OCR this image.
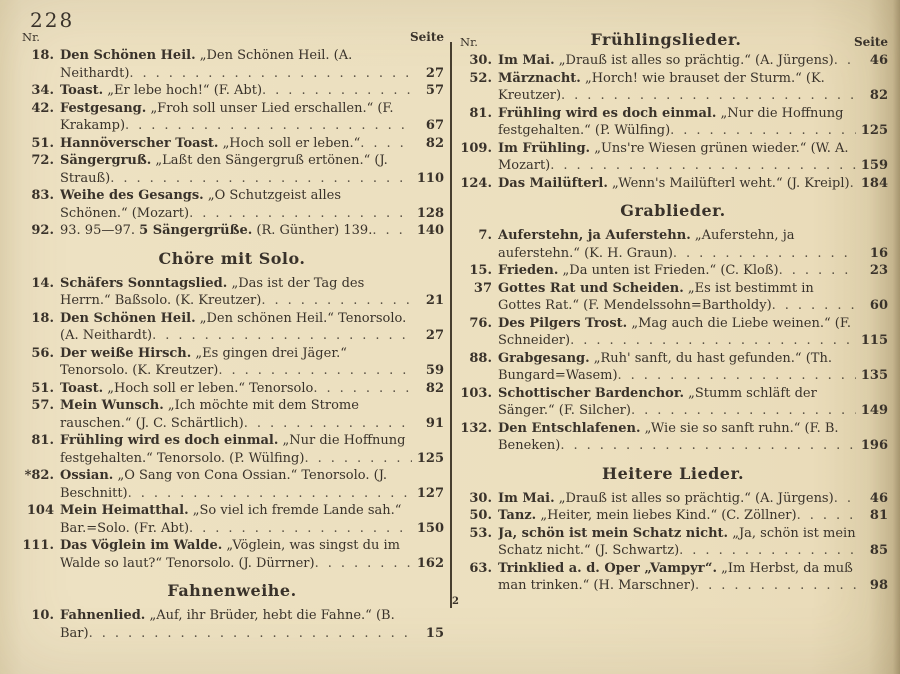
228
Nr.	Seite
18. Den Schönen Heil. „Den Schönen Heil. (A. Neithardt)	27
34. Toast. „Er lebe hoch!“ (F. Abt)	57
42. Festgesang. „Froh soll unser Lied erschallen.“ (F. Krakamp)	67
51. Hannöverscher Toast. „Hoch soll er leben.“	82
72. Sängergruß. „Laßt den Sängergruß ertönen.“ (J. Strauß)	110
83. Weihe des Gesangs. „O Schutzgeist alles Schönen.“ (Mozart)	128
92. 93. 95—97. 5 Sängergrüße. (R. Günther) 139.	140
Chöre mit Solo.
14. Schäfers Sonntagslied. „Das ist der Tag des Herrn.“ Baßsolo. (K. Kreutzer)	21
18. Den Schönen Heil. „Den schönen Heil.“ Tenorsolo. (A. Neithardt)	27
56. Der weiße Hirsch. „Es gingen drei Jäger.“ Tenorsolo. (K. Kreutzer)	59
51. Toast. „Hoch soll er leben.“ Tenorsolo	82
57. Mein Wunsch. „Ich möchte mit dem Strome rauschen.“ (J. C. Schärtlich)	91
81. Frühling wird es doch einmal. „Nur die Hoffnung festgehalten.“ Tenorsolo. (P. Wülfing)	125
*82. Ossian. „O Sang von Cona Ossian.“ Tenorsolo. (J. Beschnitt)	127
104 Mein Heimatthal. „So viel ich fremde Lande sah.“ Bar.=Solo. (Fr. Abt)	150
111. Das Vöglein im Walde. „Vöglein, was singst du im Walde so laut?“ Tenorsolo. (J. Dürrner)	162
Fahnenweihe.
10. Fahnenlied. „Auf, ihr Brüder, hebt die Fahne.“ (B. Bar)	15
Nr.	Frühlingslieder.	Seite
30. Im Mai. „Drauß ist alles so prächtig.“ (A. Jürgens)	46
52. Märznacht. „Horch! wie brauset der Sturm.“ (K. Kreutzer)	82
81. Frühling wird es doch einmal. „Nur die Hoffnung festgehalten.“ (P. Wülfing)	125
109. Im Frühling. „Uns're Wiesen grünen wieder.“ (W. A. Mozart)	159
124. Das Mailüfterl. „Wenn's Mailüfterl weht.“ (J. Kreipl) 184
Grablieder.
7. Auferstehn, ja Auferstehn. „Auferstehn, ja auferstehn.“ (K. H. Graun)	16
15. Frieden. „Da unten ist Frieden.“ (C. Kloß)	23
37 Gottes Rat und Scheiden. „Es ist bestimmt in Gottes Rat.“ (F. Mendelssohn=Bartholdy)	60
76. Des Pilgers Trost. „Mag auch die Liebe weinen.“ (F. Schneider)	115
88. Grabgesang. „Ruh' sanft, du hast gefunden.“ (Th. Bungard=Wasem)	135
103. Schottischer Bardenchor. „Stumm schläft der Sänger.“ (F. Silcher)	149
132. Den Entschlafenen. „Wie sie so sanft ruhn.“ (F. B. Beneken)	196
Heitere Lieder.
30. Im Mai. „Drauß ist alles so prächtig.“ (A. Jürgens)	46
50. Tanz. „Heiter, mein liebes Kind.“ (C. Zöllner)	81
53. Ja, schön ist mein Schatz nicht. „Ja, schön ist mein Schatz nicht.“ (J. Schwartz)	85
63. Trinklied a. d. Oper „Vampyr“. „Im Herbst, da muß man trinken.“ (H. Marschner)	98
2
